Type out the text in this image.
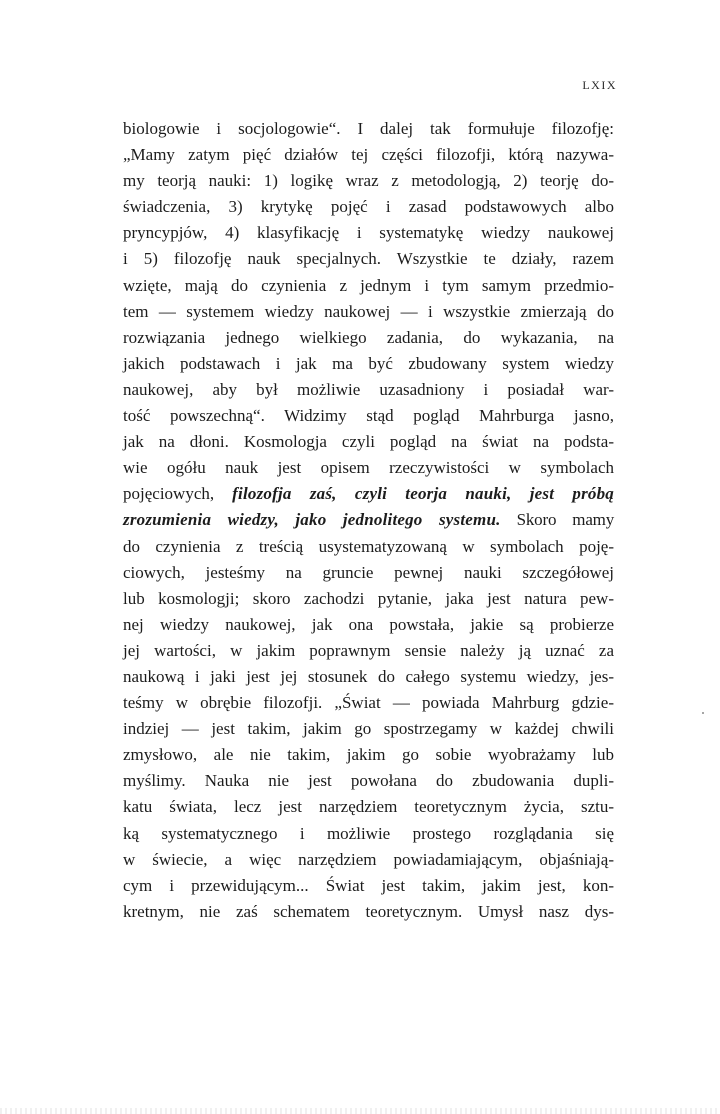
LXIX
biologowie i socjologowie“. I dalej tak formułuje filozofję:
„Mamy zatym pięć działów tej części filozofji, którą nazywa-
my teorją nauki: 1) logikę wraz z metodologją, 2) teorję do-
świadczenia, 3) krytykę pojęć i zasad podstawowych albo
pryncypjów, 4) klasyfikację i systematykę wiedzy naukowej
i 5) filozofję nauk specjalnych. Wszystkie te działy, razem
wzięte, mają do czynienia z jednym i tym samym przedmio-
tem — systemem wiedzy naukowej — i wszystkie zmierzają do
rozwiązania jednego wielkiego zadania, do wykazania, na
jakich podstawach i jak ma być zbudowany system wiedzy
naukowej, aby był możliwie uzasadniony i posiadał war-
tość powszechną“. Widzimy stąd pogląd Mahrburga jasno,
jak na dłoni. Kosmologja czyli pogląd na świat na podsta-
wie ogółu nauk jest opisem rzeczywistości w symbolach
pojęciowych, filozofja zaś, czyli teorja nauki, jest próbą
zrozumienia wiedzy, jako jednolitego systemu. Skoro mamy
do czynienia z treścią usystematyzowaną w symbolach poję-
ciowych, jesteśmy na gruncie pewnej nauki szczegółowej
lub kosmologji; skoro zachodzi pytanie, jaka jest natura pew-
nej wiedzy naukowej, jak ona powstała, jakie są probierze
jej wartości, w jakim poprawnym sensie należy ją uznać za
naukową i jaki jest jej stosunek do całego systemu wiedzy, jes-
teśmy w obrębie filozofji. „Świat — powiada Mahrburg gdzie-
indziej — jest takim, jakim go spostrzegamy w każdej chwili
zmysłowo, ale nie takim, jakim go sobie wyobrażamy lub
myślimy. Nauka nie jest powołana do zbudowania dupli-
katu świata, lecz jest narzędziem teoretycznym życia, sztu-
ką systematycznego i możliwie prostego rozglądania się
w świecie, a więc narzędziem powiadamiającym, objaśniają-
cym i przewidującym... Świat jest takim, jakim jest, kon-
kretnym, nie zaś schematem teoretycznym. Umysł nasz dys-
